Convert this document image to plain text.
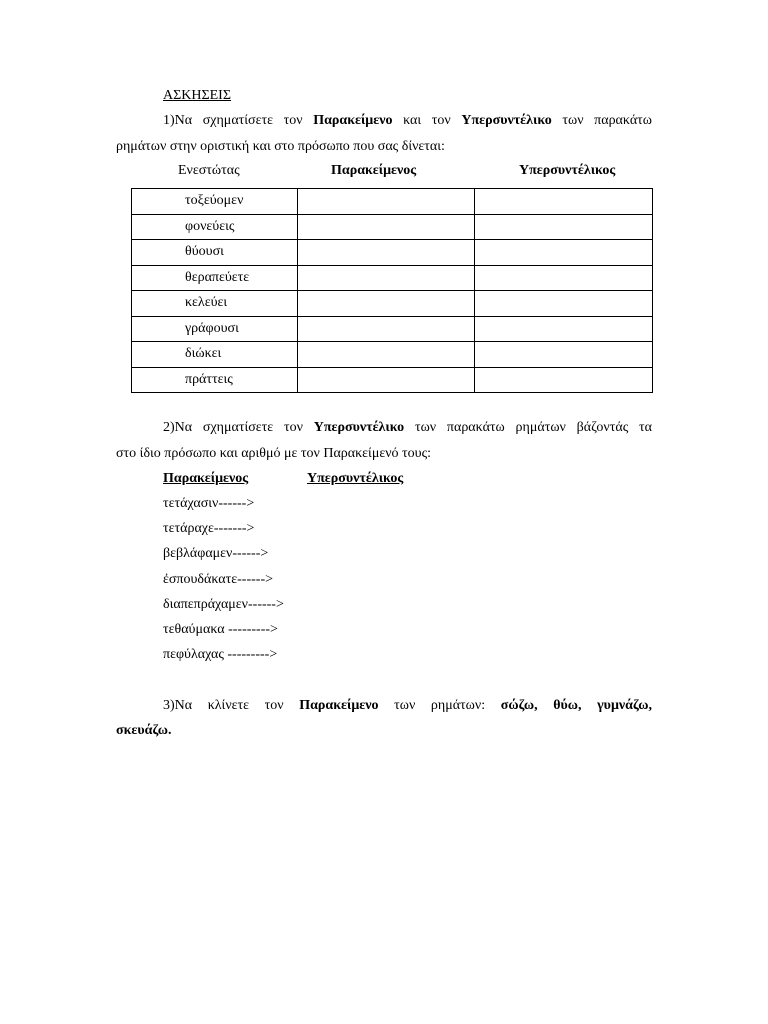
ΑΣΚΗΣΕΙΣ
1)Να σχηματίσετε τον Παρακείμενο και τον Υπερσυντέλικο των παρακάτω
ρημάτων στην οριστική και στο πρόσωπο που σας δίνεται:
Ενεστώτας	Παρακείμενος	Υπερσυντέλικος
τοξεύομεν		
φονεύεις		
θύουσι		
θεραπεύετε		
κελεύει		
γράφουσι		
διώκει		
πράττεις		
2)Να σχηματίσετε τον Υπερσυντέλικο των παρακάτω ρημάτων βάζοντάς τα
στο ίδιο πρόσωπο και αριθμό με τον Παρακείμενό τους:
Παρακείμενος	Υπερσυντέλικος
τετάχασιν------>
τετάραχε------->
βεβλάφαμεν------>
ἐσπουδάκατε------>
διαπεπράχαμεν------>
τεθαύμακα --------->
πεφύλαχας --------->
3)Να κλίνετε τον Παρακείμενο των ρημάτων: σώζω, θύω, γυμνάζω,
σκευάζω.
